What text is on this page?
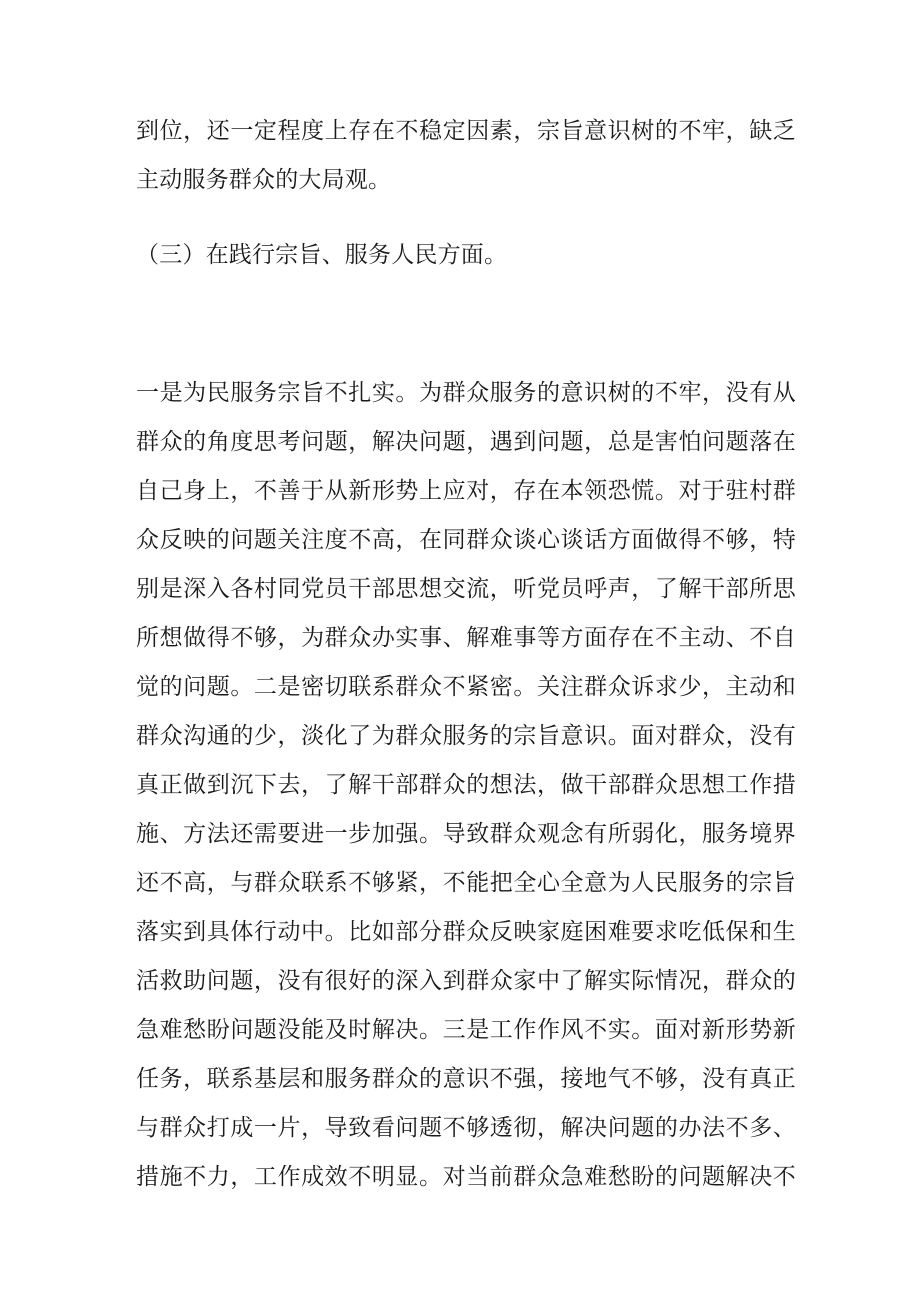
到位，还一定程度上存在不稳定因素，宗旨意识树的不牢，缺乏
主动服务群众的大局观。
（三）在践行宗旨、服务人民方面。
一是为民服务宗旨不扎实。为群众服务的意识树的不牢，没有从
群众的角度思考问题，解决问题，遇到问题，总是害怕问题落在
自己身上，不善于从新形势上应对，存在本领恐慌。对于驻村群
众反映的问题关注度不高，在同群众谈心谈话方面做得不够，特
别是深入各村同党员干部思想交流，听党员呼声，了解干部所思
所想做得不够，为群众办实事、解难事等方面存在不主动、不自
觉的问题。二是密切联系群众不紧密。关注群众诉求少，主动和
群众沟通的少，淡化了为群众服务的宗旨意识。面对群众，没有
真正做到沉下去，了解干部群众的想法，做干部群众思想工作措
施、方法还需要进一步加强。导致群众观念有所弱化，服务境界
还不高，与群众联系不够紧，不能把全心全意为人民服务的宗旨
落实到具体行动中。比如部分群众反映家庭困难要求吃低保和生
活救助问题，没有很好的深入到群众家中了解实际情况，群众的
急难愁盼问题没能及时解决。三是工作作风不实。面对新形势新
任务，联系基层和服务群众的意识不强，接地气不够，没有真正
与群众打成一片，导致看问题不够透彻，解决问题的办法不多、
措施不力，工作成效不明显。对当前群众急难愁盼的问题解决不
